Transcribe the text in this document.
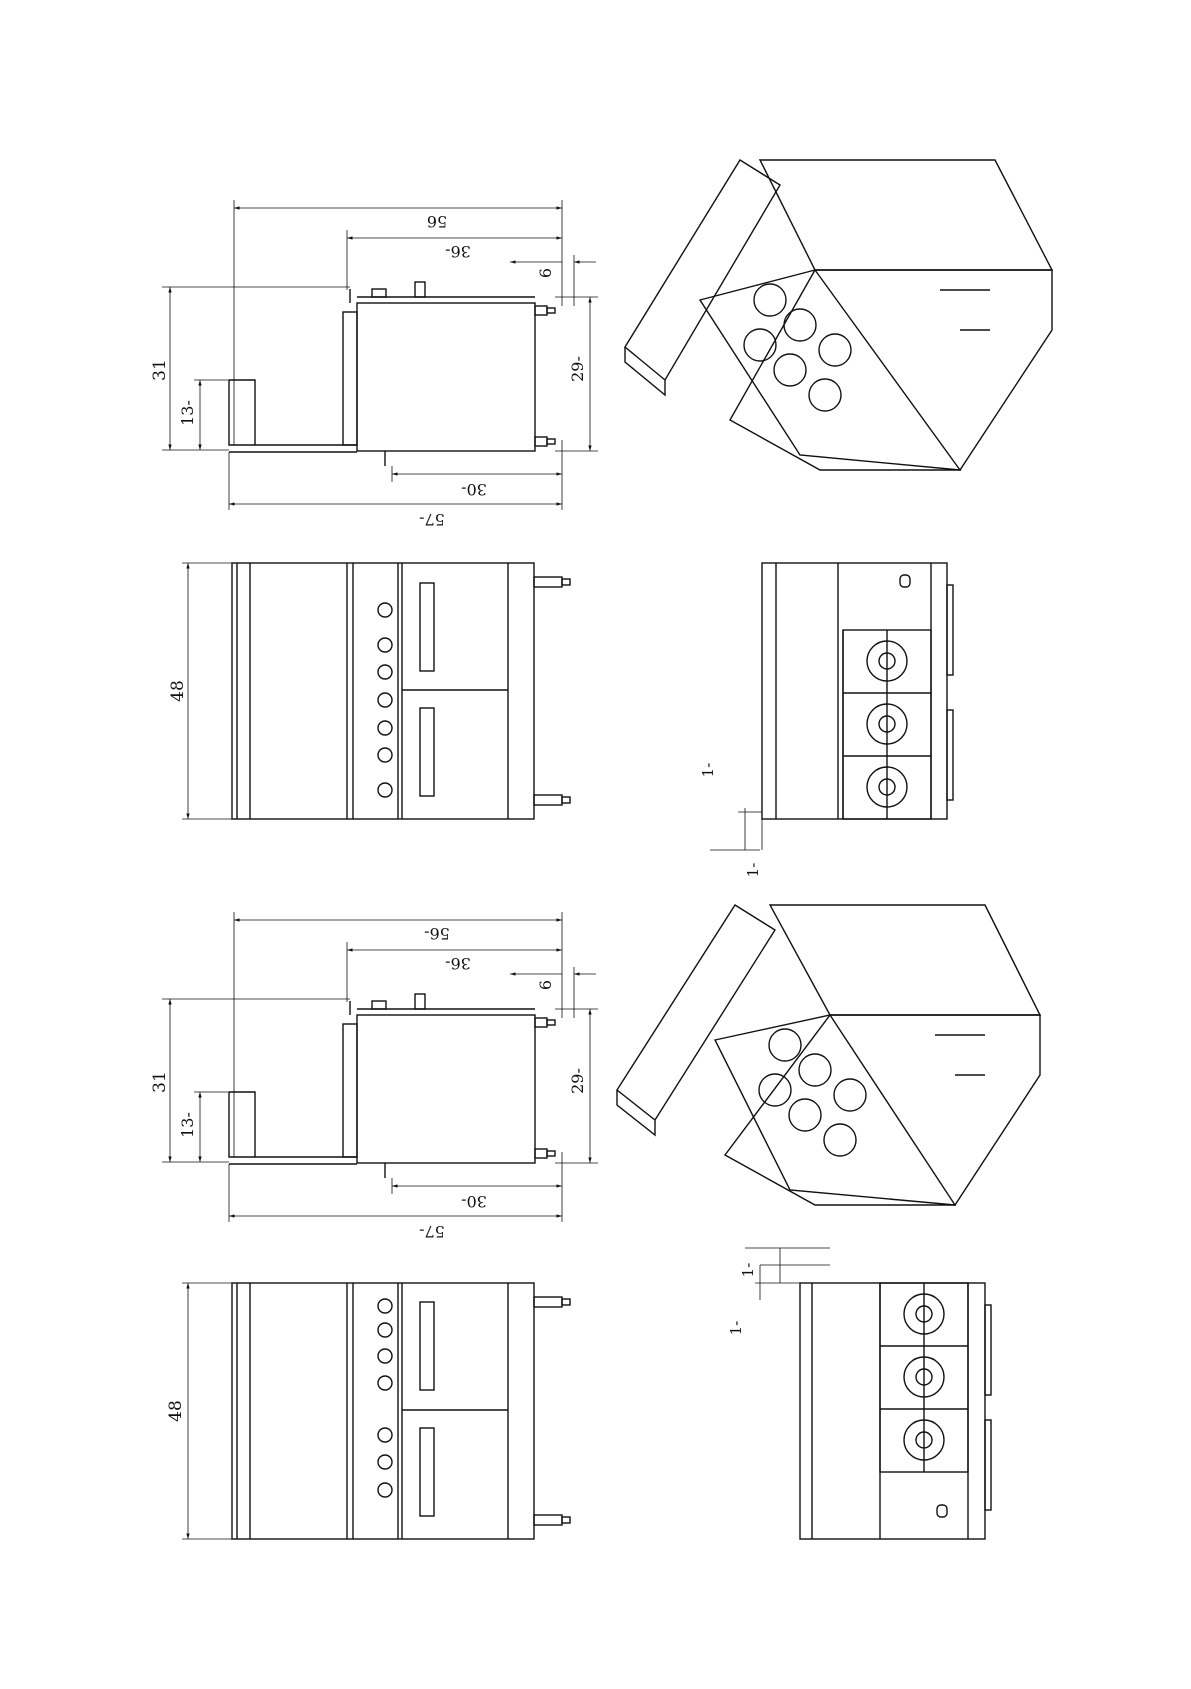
56
36-
6
31
13-
29-
30-
57-
48
1-
1-
56-
36-
6
31
13-
29-
30-
57-
48
1-
1-
